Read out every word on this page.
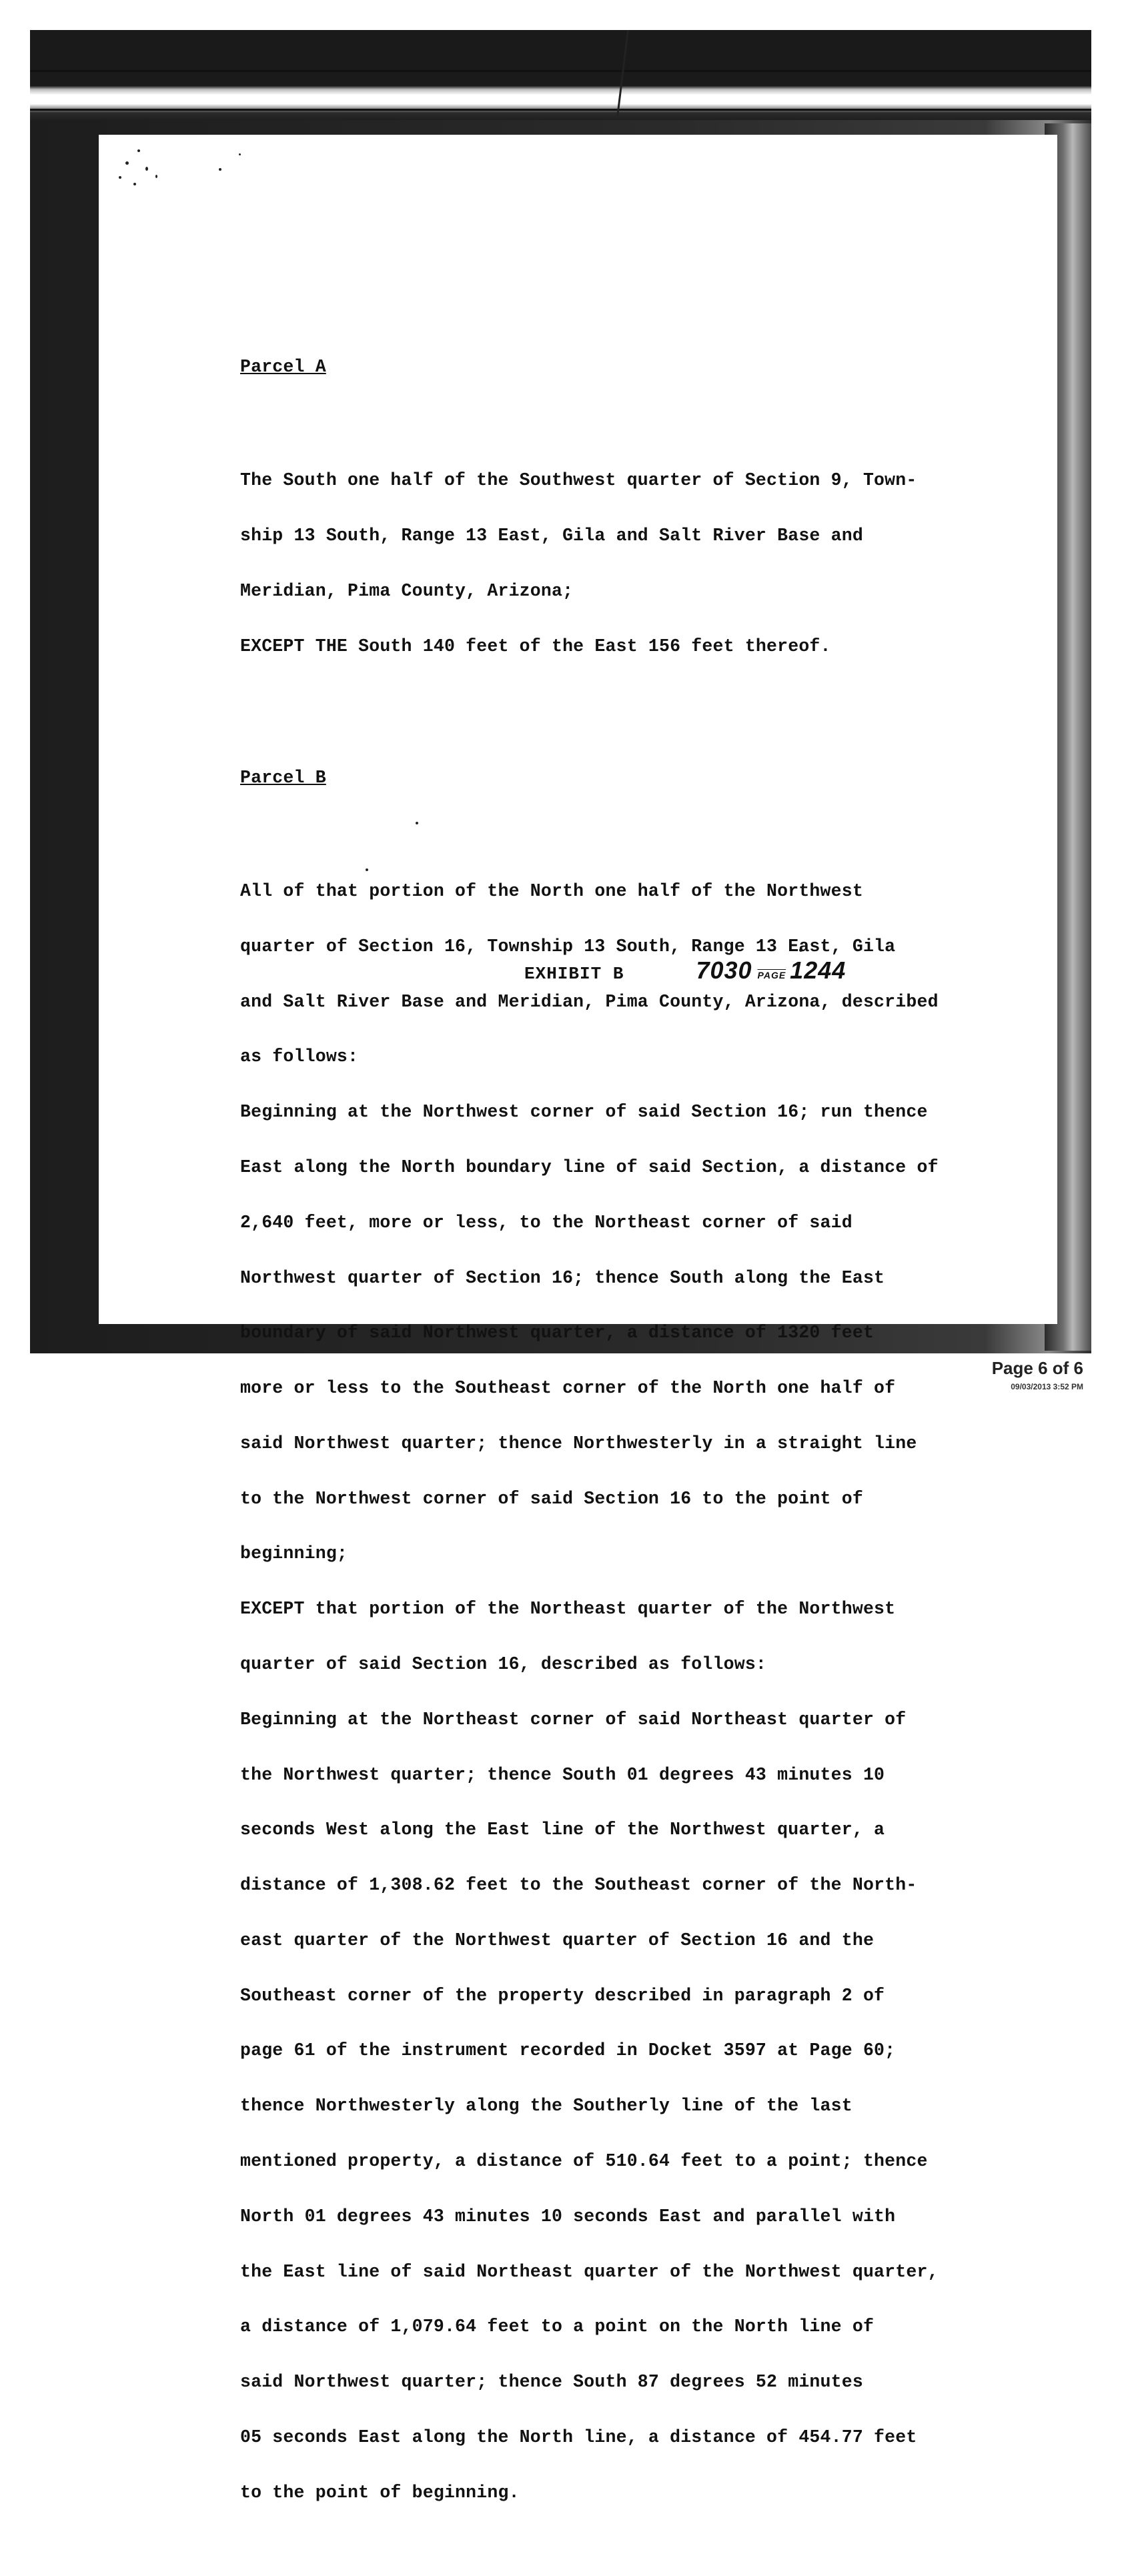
Parcel A

The South one half of the Southwest quarter of Section 9, Town-

ship 13 South, Range 13 East, Gila and Salt River Base and

Meridian, Pima County, Arizona;

EXCEPT THE South 140 feet of the East 156 feet thereof.

Parcel B

All of that portion of the North one half of the Northwest

quarter of Section 16, Township 13 South, Range 13 East, Gila

and Salt River Base and Meridian, Pima County, Arizona, described

as follows:

Beginning at the Northwest corner of said Section 16; run thence

East along the North boundary line of said Section, a distance of

2,640 feet, more or less, to the Northeast corner of said

Northwest quarter of Section 16; thence South along the East

boundary of said Northwest quarter, a distance of 1320 feet

more or less to the Southeast corner of the North one half of

said Northwest quarter; thence Northwesterly in a straight line

to the Northwest corner of said Section 16 to the point of

beginning;

EXCEPT that portion of the Northeast quarter of the Northwest

quarter of said Section 16, described as follows:

Beginning at the Northeast corner of said Northeast quarter of

the Northwest quarter; thence South 01 degrees 43 minutes 10

seconds West along the East line of the Northwest quarter, a

distance of 1,308.62 feet to the Southeast corner of the North-

east quarter of the Northwest quarter of Section 16 and the

Southeast corner of the property described in paragraph 2 of

page 61 of the instrument recorded in Docket 3597 at Page 60;

thence Northwesterly along the Southerly line of the last

mentioned property, a distance of 510.64 feet to a point; thence

North 01 degrees 43 minutes 10 seconds East and parallel with

the East line of said Northeast quarter of the Northwest quarter,

a distance of 1,079.64 feet to a point on the North line of

said Northwest quarter; thence South 87 degrees 52 minutes

05 seconds East along the North line, a distance of 454.77 feet

to the point of beginning.

EXHIBIT B	7030 PAGE 1244
Page 6 of 6
09/03/2013 3:52 PM
